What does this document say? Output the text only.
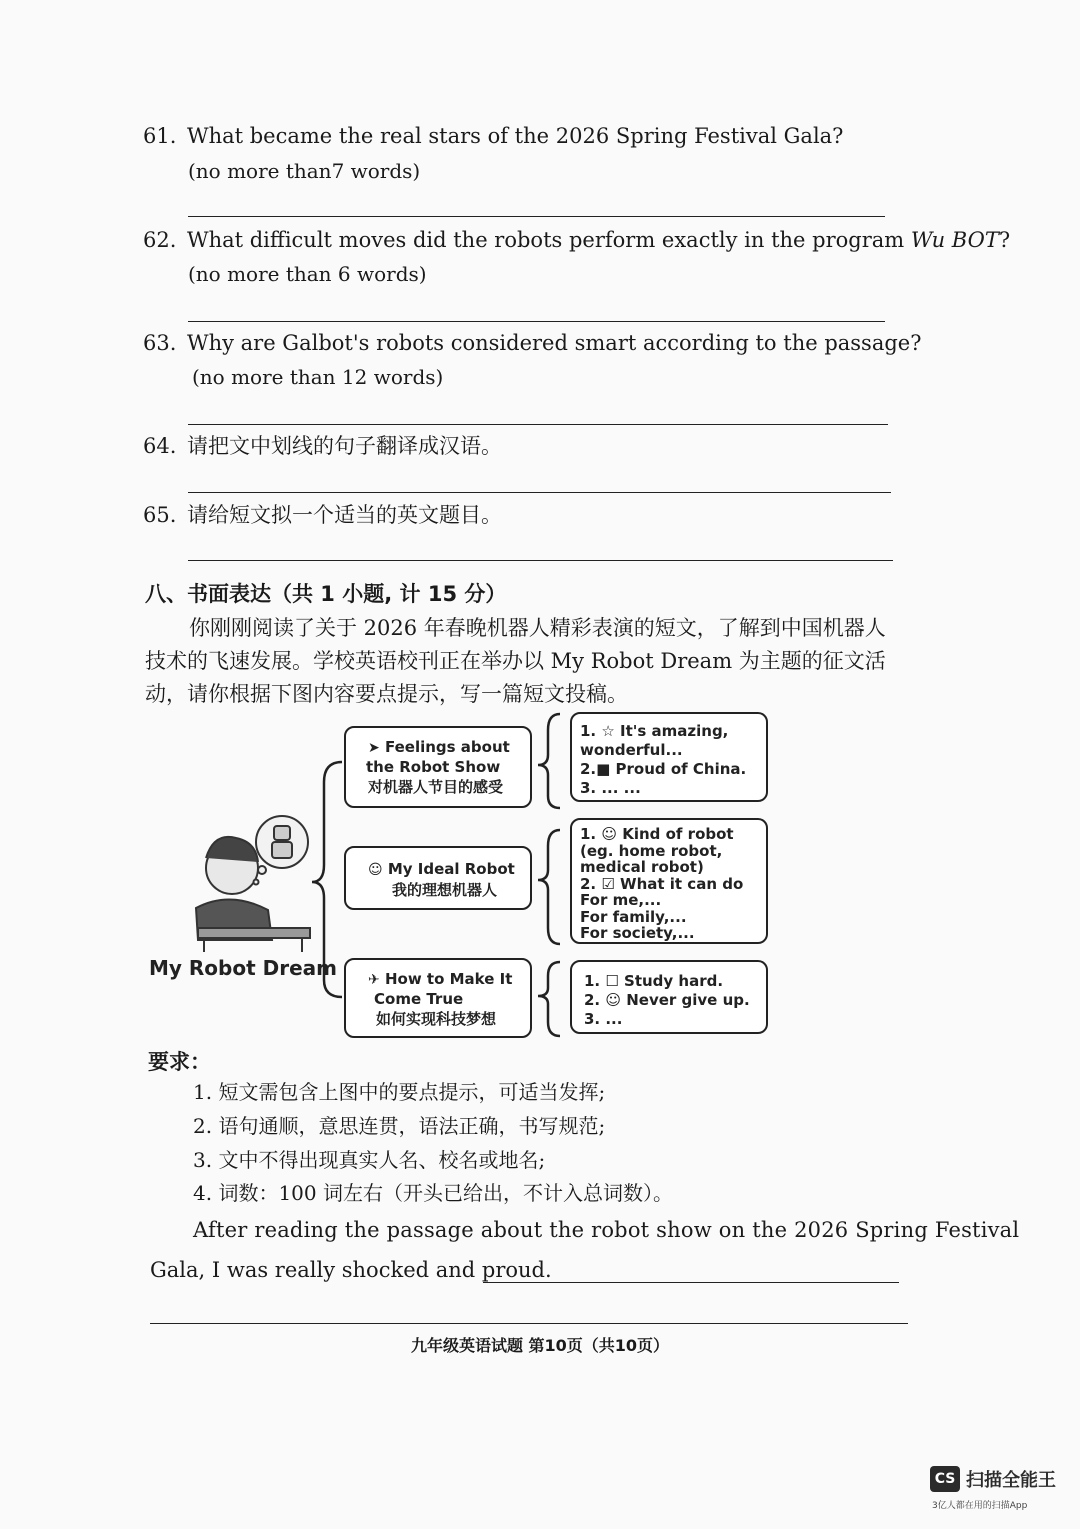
61. What became the real stars of the 2026 Spring Festival Gala?
(no more than7 words)
62. What difficult moves did the robots perform exactly in the program Wu BOT?
(no more than 6 words)
63. Why are Galbot's robots considered smart according to the passage?
(no more than 12 words)
64. 请把文中划线的句子翻译成汉语。
65. 请给短文拟一个适当的英文题目。
八、书面表达（共 1 小题, 计 15 分）
你刚刚阅读了关于 2026 年春晚机器人精彩表演的短文，了解到中国机器人技术的飞速发展。学校英语校刊正在举办以 My Robot Dream 为主题的征文活动，请你根据下图内容要点提示，写一篇短文投稿。
My Robot Dream
➤ Feelings about
the Robot Show
对机器人节目的感受
☺ My Ideal Robot
我的理想机器人
✈ How to Make It
Come True
如何实现科技梦想
1. ☆ It's amazing,
wonderful...
2.■ Proud of China.
3. ... ...
1. ☺ Kind of robot
(eg. home robot,
medical robot)
2. ☑ What it can do
For me,...
For family,...
For society,...
1. ☐ Study hard.
2. ☺ Never give up.
3. ...
要求：
1. 短文需包含上图中的要点提示，可适当发挥;
2. 语句通顺，意思连贯，语法正确，书写规范;
3. 文中不得出现真实人名、校名或地名;
4. 词数：100 词左右（开头已给出，不计入总词数）。
After reading the passage about the robot show on the 2026 Spring Festival
Gala, I was really shocked and proud.
九年级英语试题 第10页（共10页）
CS 扫描全能王
3亿人都在用的扫描App
